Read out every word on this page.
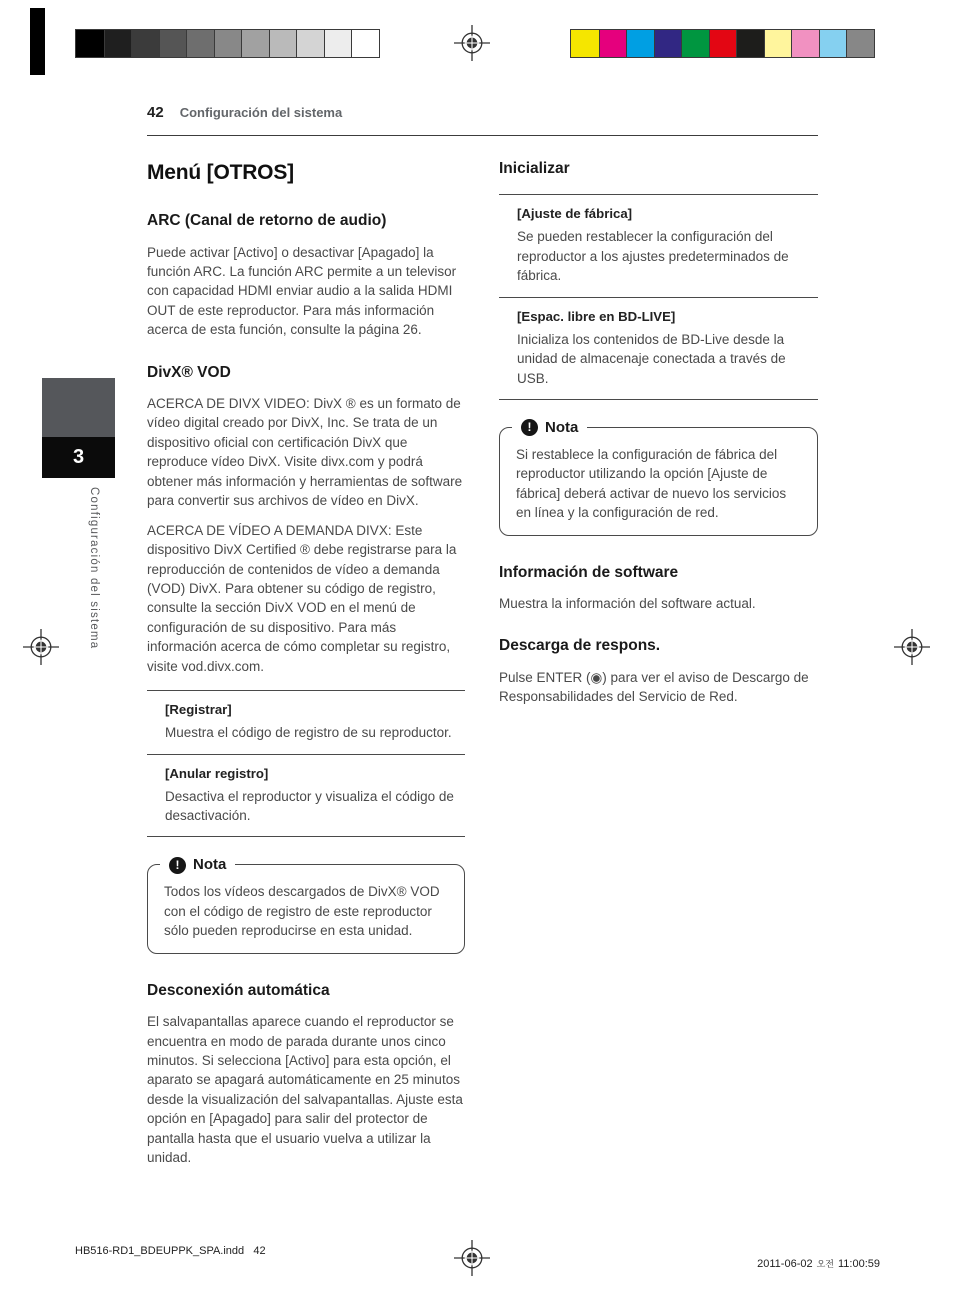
42 Configuración del sistema
3
Configuración del sistema
Menú [OTROS]
ARC (Canal de retorno de audio)

Puede activar [Activo] o desactivar [Apagado] la función ARC. La función ARC permite a un televisor con capacidad HDMI enviar audio a la salida HDMI OUT de este reproductor. Para más información acerca de esta función, consulte la página 26.

DivX® VOD

ACERCA DE DIVX VIDEO: DivX ® es un formato de vídeo digital creado por DivX, Inc. Se trata de un dispositivo oficial con certificación DivX que reproduce vídeo DivX. Visite divx.com y podrá obtener más información y herramientas de software para convertir sus archivos de vídeo en DivX.

ACERCA DE VÍDEO A DEMANDA DIVX: Este dispositivo DivX Certified ® debe registrarse para la reproducción de contenidos de vídeo a demanda (VOD) DivX. Para obtener su código de registro, consulte la sección DivX VOD en el menú de configuración de su dispositivo. Para más información acerca de cómo completar su registro, visite vod.divx.com.

[Registrar]
Muestra el código de registro de su reproductor.
[Anular registro]
Desactiva el reproductor y visualiza el código de desactivación.
! Nota
Todos los vídeos descargados de DivX® VOD con el código de registro de este reproductor sólo pueden reproducirse en esta unidad.
Desconexión automática

El salvapantallas aparece cuando el reproductor se encuentra en modo de parada durante unos cinco minutos. Si selecciona [Activo] para esta opción, el aparato se apagará automáticamente en 25 minutos desde la visualización del salvapantallas. Ajuste esta opción en [Apagado] para salir del protector de pantalla hasta que el usuario vuelva a utilizar la unidad.

Inicializar
[Ajuste de fábrica]
Se pueden restablecer la configuración del reproductor a los ajustes predeterminados de fábrica.
[Espac. libre en BD-LIVE]
Inicializa los contenidos de BD-Live desde la unidad de almacenaje conectada a través de USB.
! Nota
Si restablece la configuración de fábrica del reproductor utilizando la opción [Ajuste de fábrica] deberá activar de nuevo los servicios en línea y la configuración de red.
Información de software

Muestra la información del software actual.

Descarga de respons.

Pulse ENTER (◉) para ver el aviso de Descargo de Responsabilidades del Servicio de Red.

HB516-RD1_BDEUPPK_SPA.indd   42

2011-06-02 오전 11:00:59
